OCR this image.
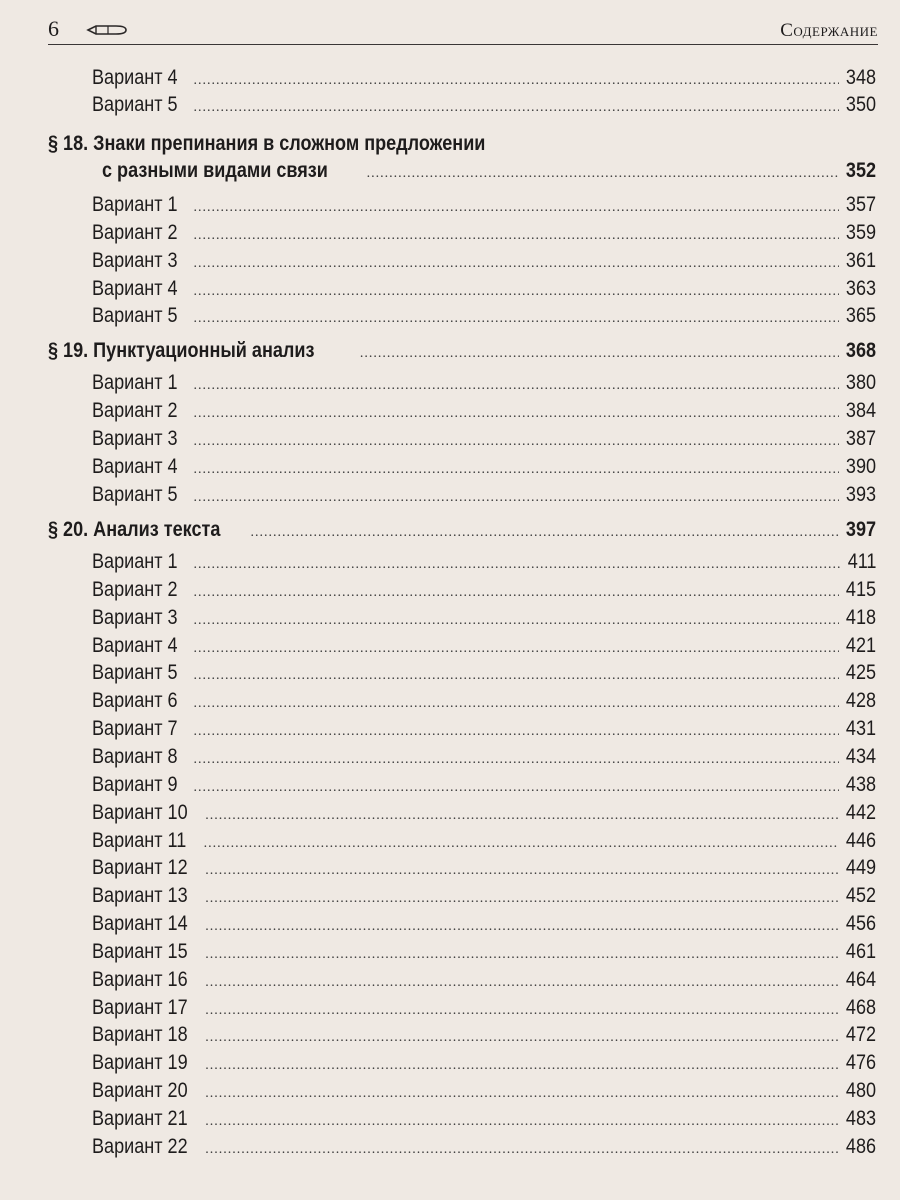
6	Содержание
Вариант 4 .....	348
Вариант 5 .....	350
§ 18. Знаки препинания в сложном предложении
с разными видами связи .....	352
Вариант 1 .....	357
Вариант 2 .....	359
Вариант 3 .....	361
Вариант 4 .....	363
Вариант 5 .....	365
§ 19. Пунктуационный анализ .....	368
Вариант 1 .....	380
Вариант 2 .....	384
Вариант 3 .....	387
Вариант 4 .....	390
Вариант 5 .....	393
§ 20. Анализ текста .....	397
Вариант 1 .....	411
Вариант 2 .....	415
Вариант 3 .....	418
Вариант 4 .....	421
Вариант 5 .....	425
Вариант 6 .....	428
Вариант 7 .....	431
Вариант 8 .....	434
Вариант 9 .....	438
Вариант 10 .....	442
Вариант 11 .....	446
Вариант 12 .....	449
Вариант 13 .....	452
Вариант 14 .....	456
Вариант 15 .....	461
Вариант 16 .....	464
Вариант 17 .....	468
Вариант 18 .....	472
Вариант 19 .....	476
Вариант 20 .....	480
Вариант 21 .....	483
Вариант 22 .....	486
